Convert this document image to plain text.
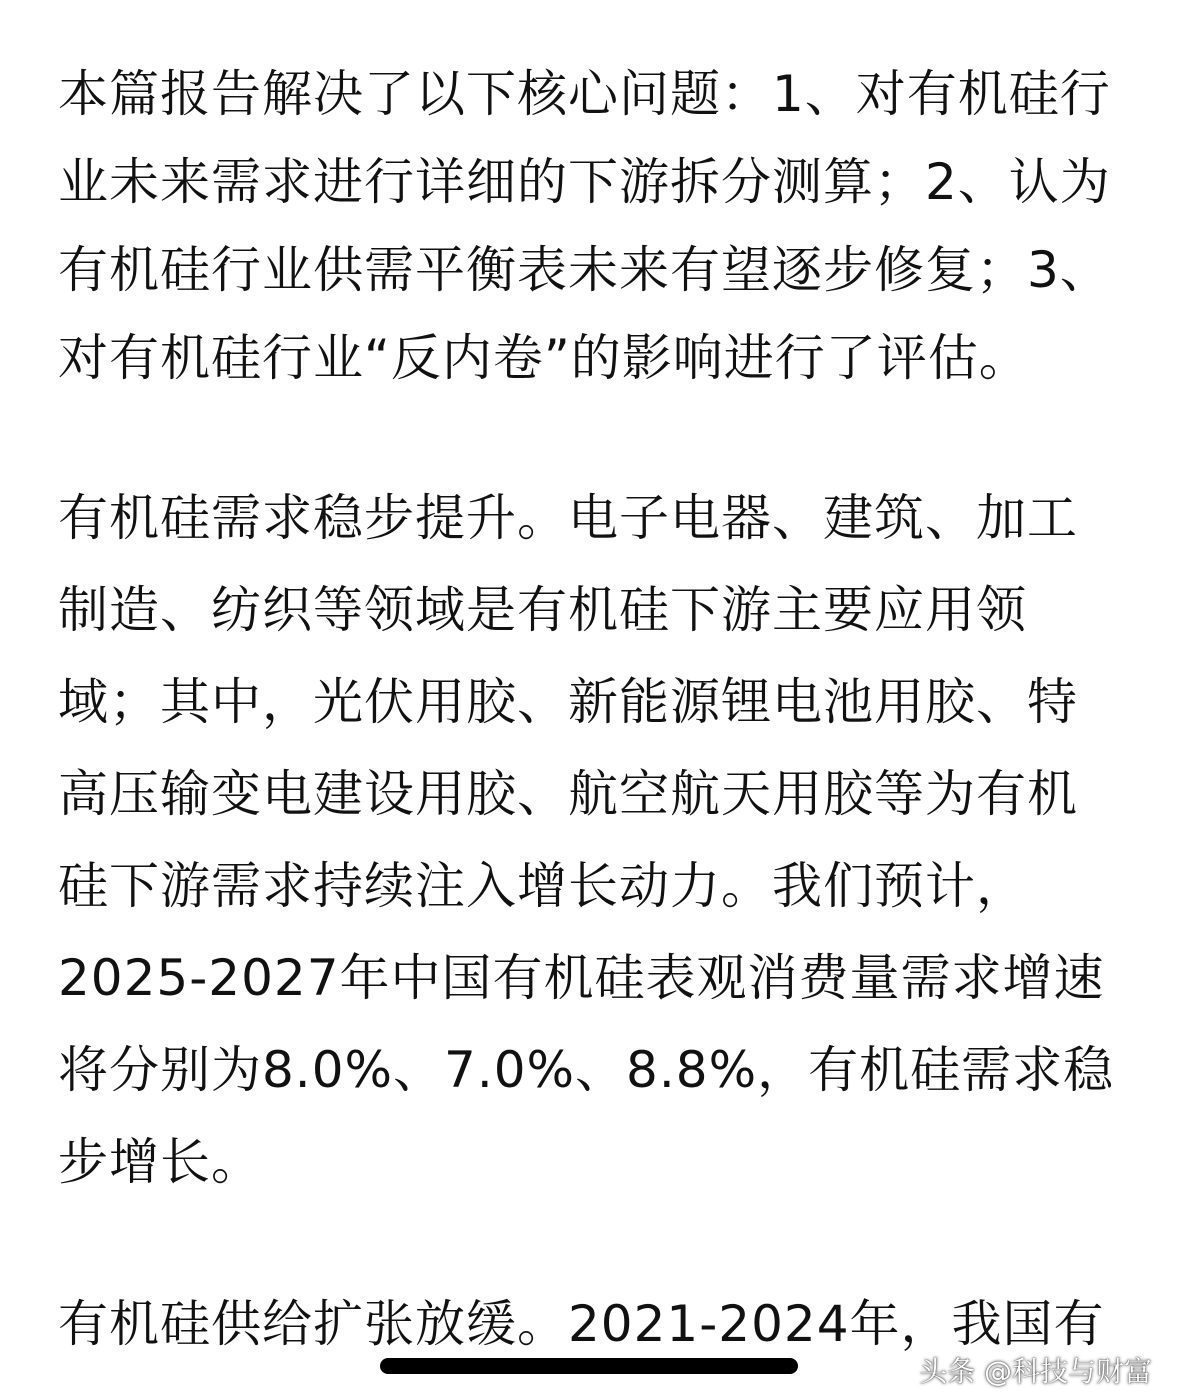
本篇报告解决了以下核心问题：1、对有机硅行
业未来需求进行详细的下游拆分测算；2、认为
有机硅行业供需平衡表未来有望逐步修复；3、
对有机硅行业“反内卷”的影响进行了评估。
有机硅需求稳步提升。电子电器、建筑、加工
制造、纺织等领域是有机硅下游主要应用领
域；其中，光伏用胶、新能源锂电池用胶、特
高压输变电建设用胶、航空航天用胶等为有机
硅下游需求持续注入增长动力。我们预计，
2025-2027年中国有机硅表观消费量需求增速
将分别为8.0%、7.0%、8.8%，有机硅需求稳
步增长。
有机硅供给扩张放缓。2021-2024年，我国有
头条 @科技与财富
